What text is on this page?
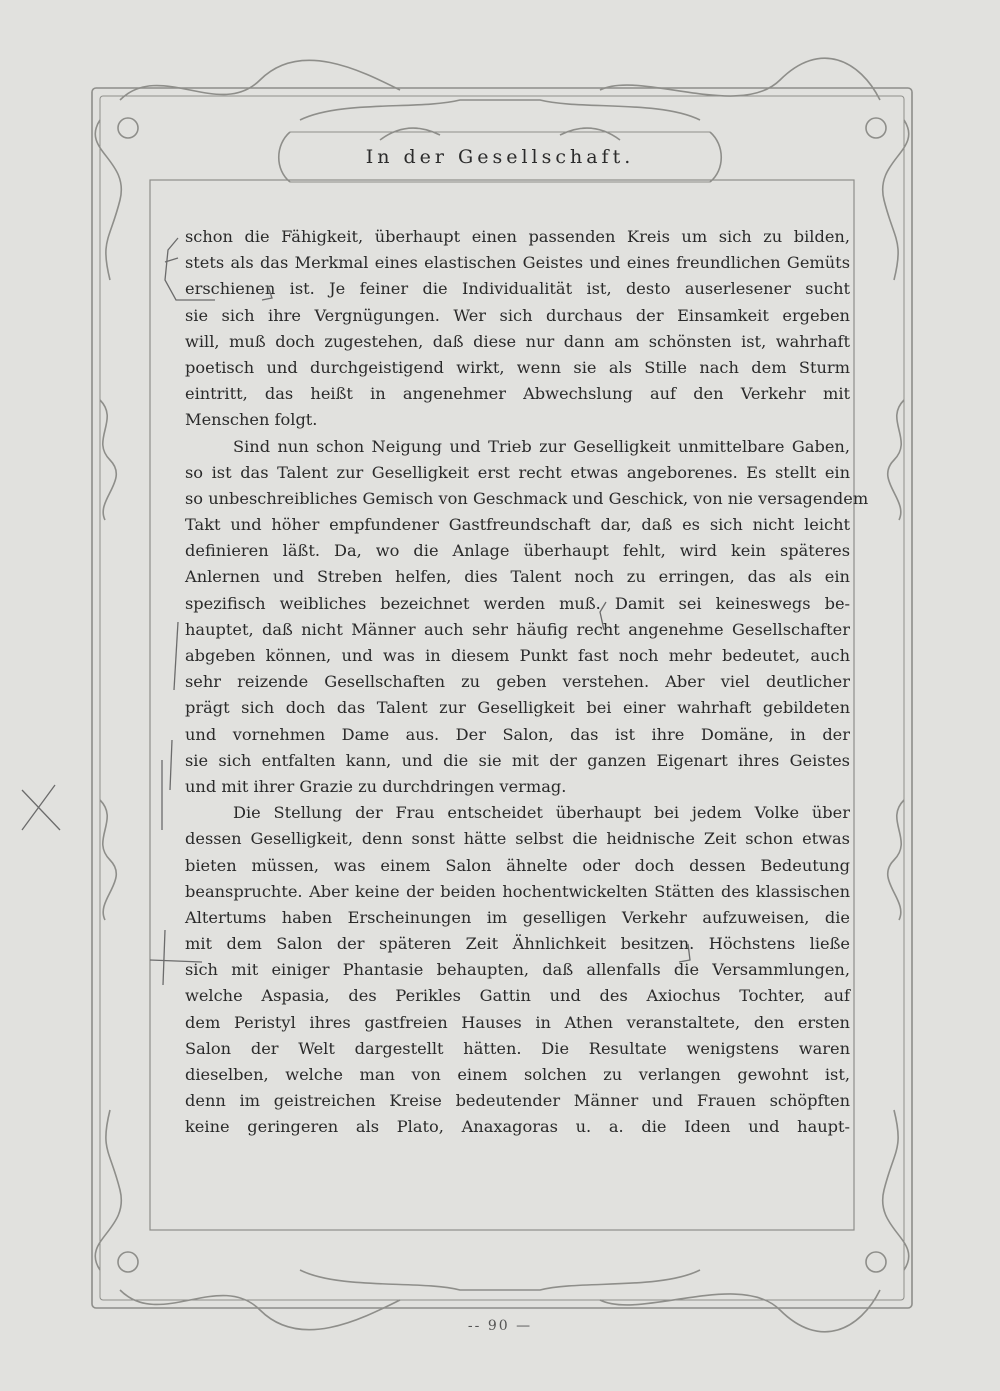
In der Gesellschaft.
schon die Fähigkeit, überhaupt einen passenden Kreis um sich zu bilden,
stets als das Merkmal eines elastischen Geistes und eines freundlichen Gemüts
erschienen ist. Je feiner die Individualität ist, desto auserlesener sucht
sie sich ihre Vergnügungen. Wer sich durchaus der Einsamkeit ergeben
will, muß doch zugestehen, daß diese nur dann am schönsten ist, wahrhaft
poetisch und durchgeistigend wirkt, wenn sie als Stille nach dem Sturm
eintritt, das heißt in angenehmer Abwechslung auf den Verkehr mit
Menschen folgt.
Sind nun schon Neigung und Trieb zur Geselligkeit unmittelbare Gaben,
so ist das Talent zur Geselligkeit erst recht etwas angeborenes. Es stellt ein
so unbeschreibliches Gemisch von Geschmack und Geschick, von nie versagendem
Takt und höher empfundener Gastfreundschaft dar, daß es sich nicht leicht
definieren läßt. Da, wo die Anlage überhaupt fehlt, wird kein späteres
Anlernen und Streben helfen, dies Talent noch zu erringen, das als ein
spezifisch weibliches bezeichnet werden muß. Damit sei keineswegs be-
hauptet, daß nicht Männer auch sehr häufig recht angenehme Gesellschafter
abgeben können, und was in diesem Punkt fast noch mehr bedeutet, auch
sehr reizende Gesellschaften zu geben verstehen. Aber viel deutlicher
prägt sich doch das Talent zur Geselligkeit bei einer wahrhaft gebildeten
und vornehmen Dame aus. Der Salon, das ist ihre Domäne, in der
sie sich entfalten kann, und die sie mit der ganzen Eigenart ihres Geistes
und mit ihrer Grazie zu durchdringen vermag.
Die Stellung der Frau entscheidet überhaupt bei jedem Volke über
dessen Geselligkeit, denn sonst hätte selbst die heidnische Zeit schon etwas
bieten müssen, was einem Salon ähnelte oder doch dessen Bedeutung
beanspruchte. Aber keine der beiden hochentwickelten Stätten des klassischen
Altertums haben Erscheinungen im geselligen Verkehr aufzuweisen, die
mit dem Salon der späteren Zeit Ähnlichkeit besitzen. Höchstens ließe
sich mit einiger Phantasie behaupten, daß allenfalls die Versammlungen,
welche Aspasia, des Perikles Gattin und des Axiochus Tochter, auf
dem Peristyl ihres gastfreien Hauses in Athen veranstaltete, den ersten
Salon der Welt dargestellt hätten. Die Resultate wenigstens waren
dieselben, welche man von einem solchen zu verlangen gewohnt ist,
denn im geistreichen Kreise bedeutender Männer und Frauen schöpften
keine geringeren als Plato, Anaxagoras u. a. die Ideen und haupt-
-- 90 —
